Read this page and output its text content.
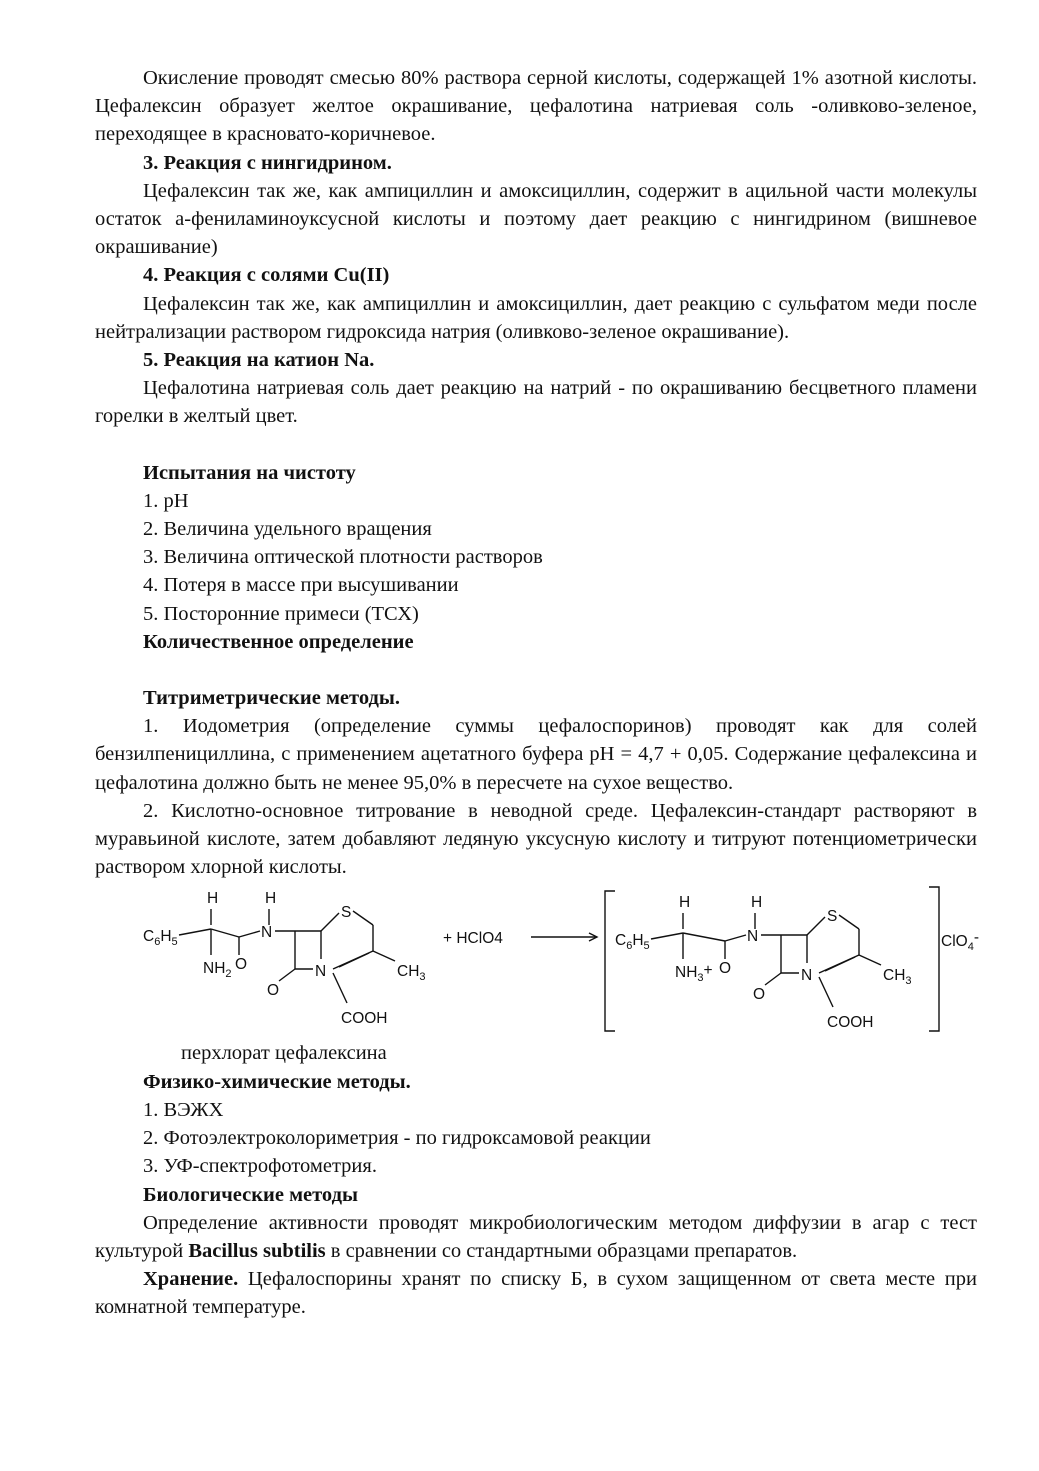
Окисление проводят смесью 80% раствора серной кислоты, содержащей 1% азотной кислоты. Цефалексин образует желтое окрашивание, цефалотина натриевая соль -оливково-зеленое, переходящее в красновато-коричневое.

3. Реакция с нингидрином.

Цефалексин так же, как ампициллин и амоксициллин, содержит в ацильной части молекулы остаток а-фениламиноуксусной кислоты и поэтому дает реакцию с нингидрином (вишневое окрашивание)

4. Реакция с солями Cu(II)

Цефалексин так же, как ампициллин и амоксициллин, дает реакцию с сульфатом меди после нейтрализации раствором гидроксида натрия (оливково-зеленое окрашивание).

5. Реакция на катион Na.

Цефалотина натриевая соль дает реакцию на натрий - по окрашиванию бесцветного пламени горелки в желтый цвет.

Испытания на чистоту

1. pH

2. Величина удельного вращения

3. Величина оптической плотности растворов

4. Потеря в массе при высушивании

5. Посторонние примеси (ТСХ)

Количественное определение

Титриметрические методы.

1. Иодометрия (определение суммы цефалоспоринов) проводят как для солей бензилпенициллина, с применением ацетатного буфера pH = 4,7 + 0,05. Содержание цефалексина и цефалотина должно быть не менее 95,0% в пересчете на сухое вещество.

2. Кислотно-основное титрование в неводной среде. Цефалексин-стандарт растворяют в муравьиной кислоте, затем добавляют ледяную уксусную кислоту и титруют потенциометрически раствором хлорной кислоты.

H	H
$C_6H_5$
N
S
$NH_2$
O	N
O
$CH_3$
COOH
+ HClO4
H	H
$C_6H_5$
N
S
$NH_3+ O$	N
O
$CH_3$
COOH
ClO$_4$-

перхлорат цефалексина

Физико-химические методы.

1. ВЭЖХ

2. Фотоэлектроколориметрия - по гидроксамовой реакции

3. УФ-спектрофотометрия.

Биологические методы

Определение активности проводят микробиологическим методом диффузии в агар с тест культурой Bacillus subtilis в сравнении со стандартными образцами препаратов.

Хранение. Цефалоспорины хранят по списку Б, в сухом защищенном от света месте при комнатной температуре.
